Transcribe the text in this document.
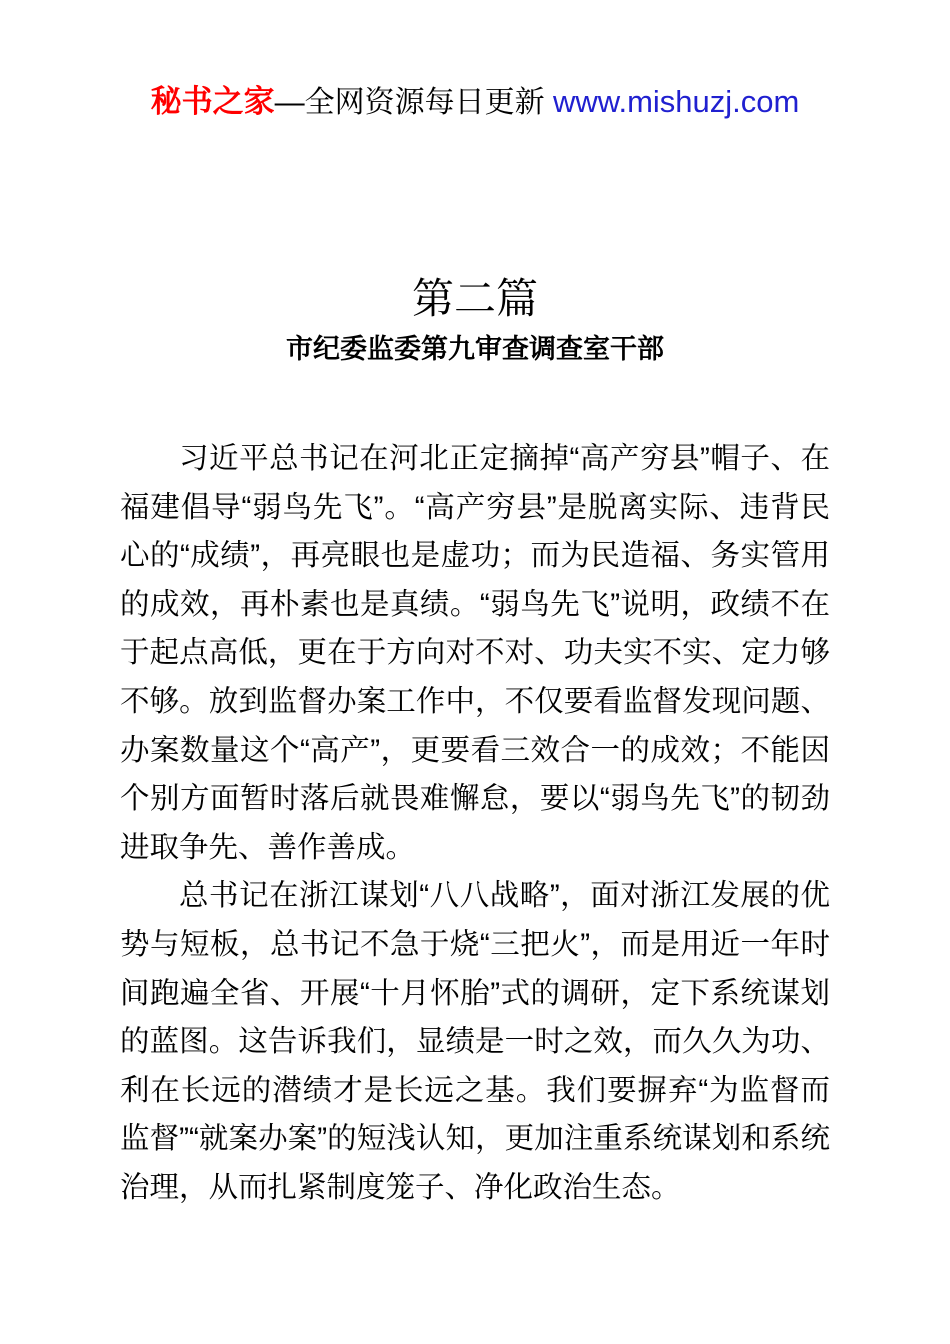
秘书之家—全网资源每日更新 www.mishuzj.com
第二篇
市纪委监委第九审查调查室干部

习近平总书记在河北正定摘掉“高产穷县”帽子、在福建倡导“弱鸟先飞”。“高产穷县”是脱离实际、违背民心的“成绩”，再亮眼也是虚功；而为民造福、务实管用的成效，再朴素也是真绩。“弱鸟先飞”说明，政绩不在于起点高低，更在于方向对不对、功夫实不实、定力够不够。放到监督办案工作中，不仅要看监督发现问题、办案数量这个“高产”，更要看三效合一的成效；不能因个别方面暂时落后就畏难懈怠，要以“弱鸟先飞”的韧劲进取争先、善作善成。

总书记在浙江谋划“八八战略”，面对浙江发展的优势与短板，总书记不急于烧“三把火”，而是用近一年时间跑遍全省、开展“十月怀胎”式的调研，定下系统谋划的蓝图。这告诉我们，显绩是一时之效，而久久为功、利在长远的潜绩才是长远之基。我们要摒弃“为监督而监督”“就案办案”的短浅认知，更加注重系统谋划和系统治理，从而扎紧制度笼子、净化政治生态。
